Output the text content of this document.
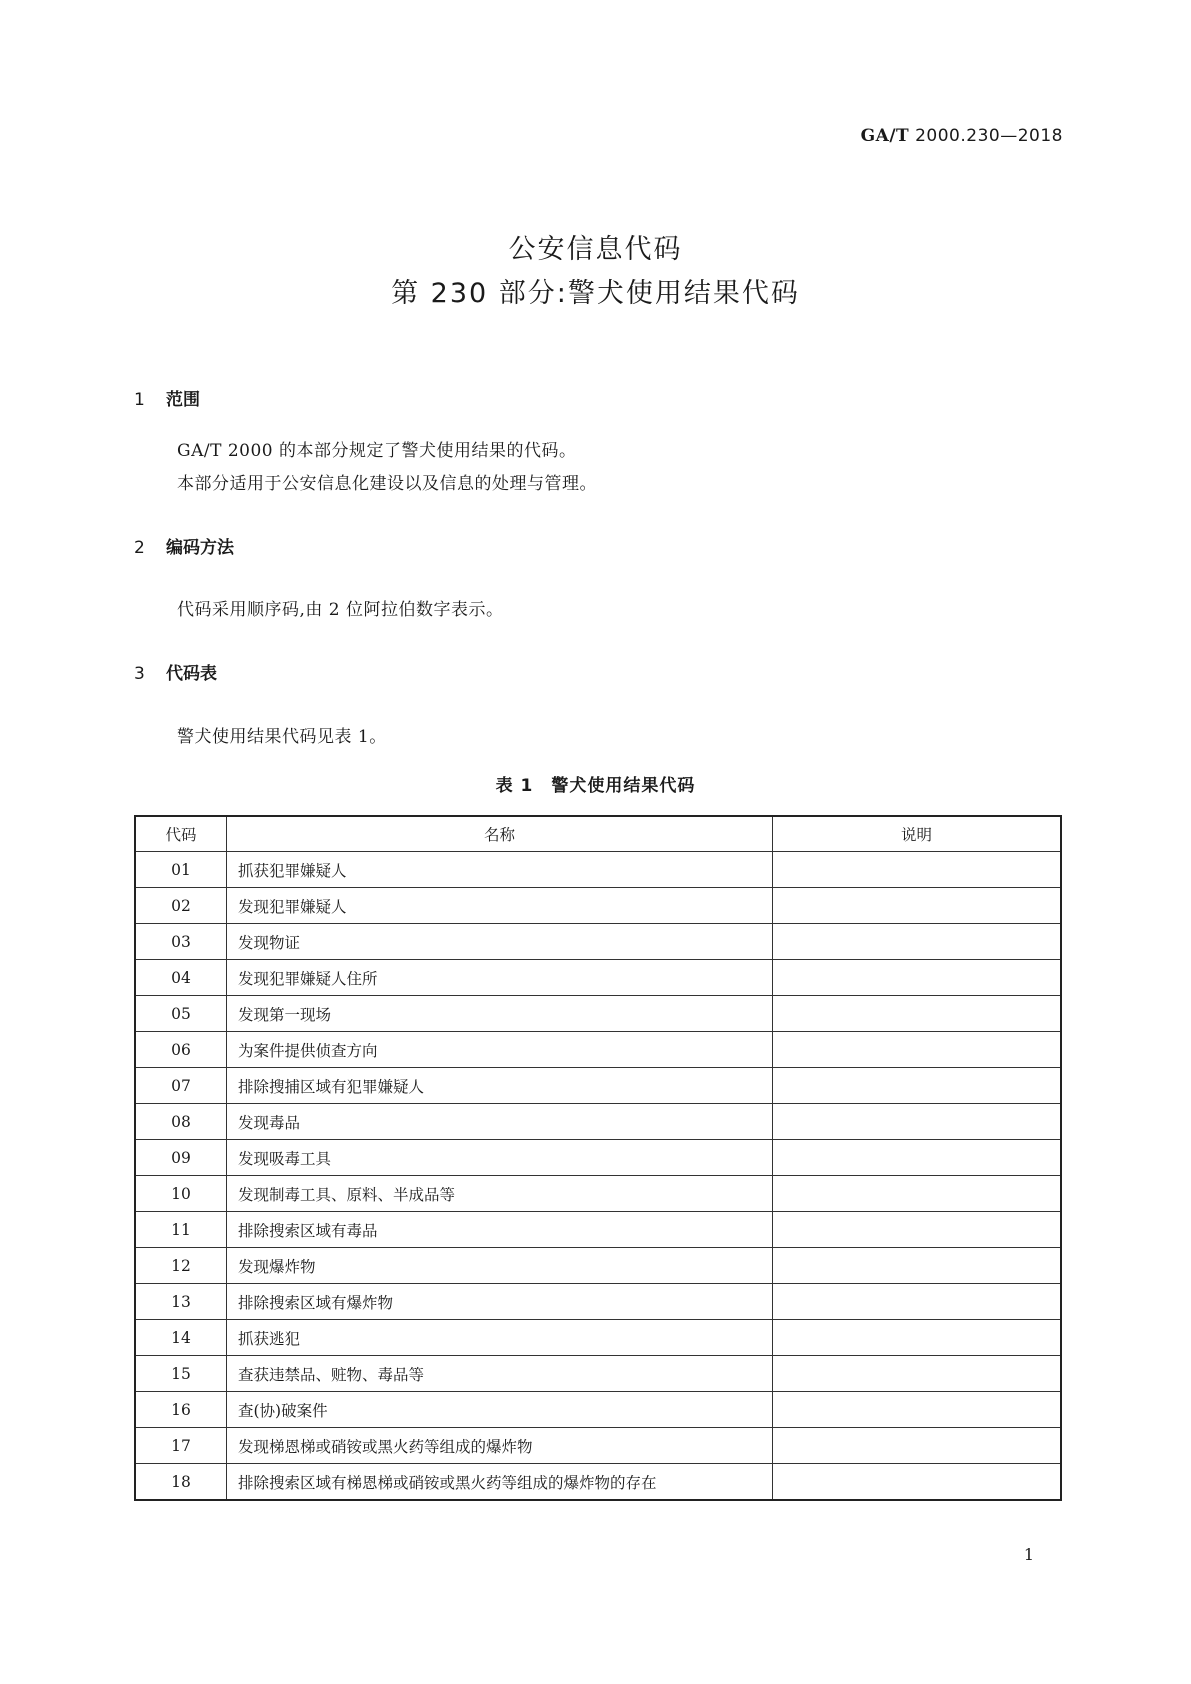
GA/T 2000.230—2018
公安信息代码
第 230 部分:警犬使用结果代码
1 范围
GA/T 2000 的本部分规定了警犬使用结果的代码。
本部分适用于公安信息化建设以及信息的处理与管理。
2 编码方法
代码采用顺序码,由 2 位阿拉伯数字表示。
3 代码表
警犬使用结果代码见表 1。
表 1　警犬使用结果代码
代码	名称	说明
01	抓获犯罪嫌疑人	
02	发现犯罪嫌疑人	
03	发现物证	
04	发现犯罪嫌疑人住所	
05	发现第一现场	
06	为案件提供侦查方向	
07	排除搜捕区域有犯罪嫌疑人	
08	发现毒品	
09	发现吸毒工具	
10	发现制毒工具、原料、半成品等	
11	排除搜索区域有毒品	
12	发现爆炸物	
13	排除搜索区域有爆炸物	
14	抓获逃犯	
15	查获违禁品、赃物、毒品等	
16	查(协)破案件	
17	发现梯恩梯或硝铵或黑火药等组成的爆炸物	
18	排除搜索区域有梯恩梯或硝铵或黑火药等组成的爆炸物的存在	
1
